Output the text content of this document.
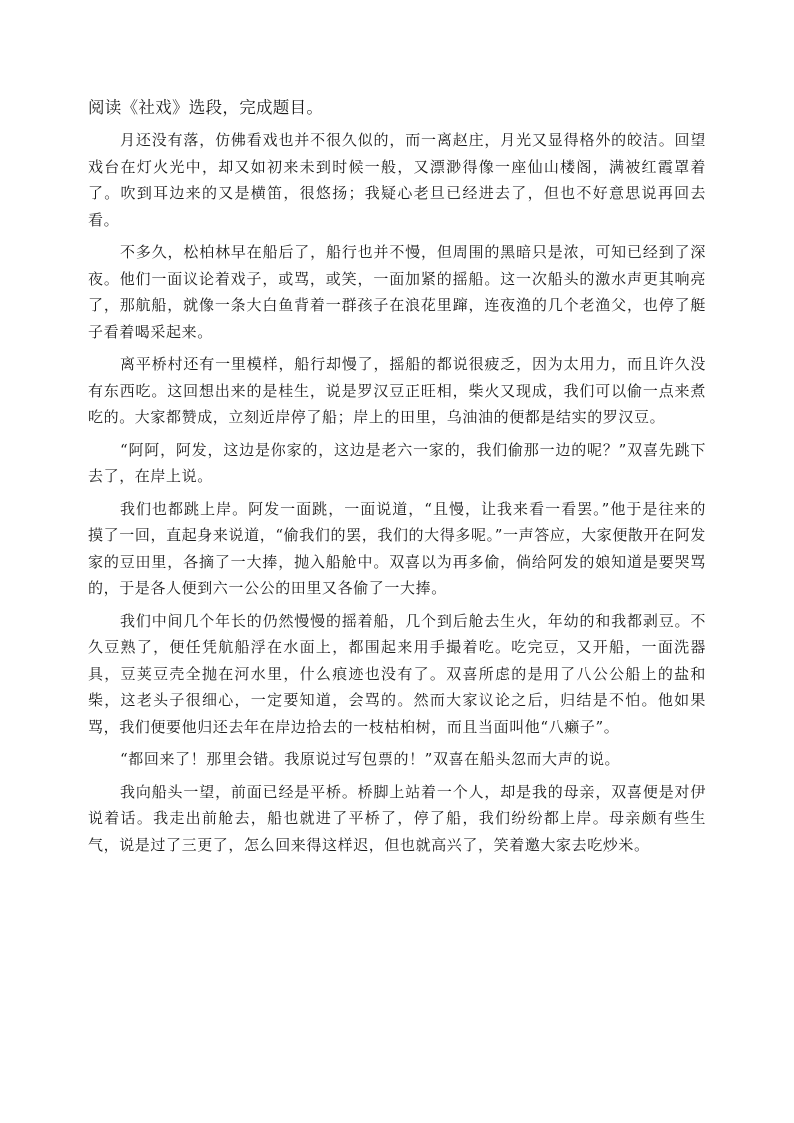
阅读《社戏》选段，完成题目。
月还没有落，仿佛看戏也并不很久似的，而一离赵庄，月光又显得格外的皎洁。回望戏台在灯火光中，却又如初来未到时候一般，又漂渺得像一座仙山楼阁，满被红霞罩着了。吹到耳边来的又是横笛，很悠扬；我疑心老旦已经进去了，但也不好意思说再回去看。
不多久，松柏林早在船后了，船行也并不慢，但周围的黑暗只是浓，可知已经到了深夜。他们一面议论着戏子，或骂，或笑，一面加紧的摇船。这一次船头的激水声更其响亮了，那航船，就像一条大白鱼背着一群孩子在浪花里蹿，连夜渔的几个老渔父，也停了艇子看着喝采起来。
离平桥村还有一里模样，船行却慢了，摇船的都说很疲乏，因为太用力，而且许久没有东西吃。这回想出来的是桂生，说是罗汉豆正旺相，柴火又现成，我们可以偷一点来煮吃的。大家都赞成，立刻近岸停了船；岸上的田里，乌油油的便都是结实的罗汉豆。
“阿阿，阿发，这边是你家的，这边是老六一家的，我们偷那一边的呢？”双喜先跳下去了，在岸上说。
我们也都跳上岸。阿发一面跳，一面说道，“且慢，让我来看一看罢。”他于是往来的摸了一回，直起身来说道，“偷我们的罢，我们的大得多呢。”一声答应，大家便散开在阿发家的豆田里，各摘了一大捧，抛入船舱中。双喜以为再多偷，倘给阿发的娘知道是要哭骂的，于是各人便到六一公公的田里又各偷了一大捧。
我们中间几个年长的仍然慢慢的摇着船，几个到后舱去生火，年幼的和我都剥豆。不久豆熟了，便任凭航船浮在水面上，都围起来用手撮着吃。吃完豆，又开船，一面洗器具，豆荚豆壳全抛在河水里，什么痕迹也没有了。双喜所虑的是用了八公公船上的盐和柴，这老头子很细心，一定要知道，会骂的。然而大家议论之后，归结是不怕。他如果骂，我们便要他归还去年在岸边拾去的一枝枯桕树，而且当面叫他“八癞子”。
“都回来了！那里会错。我原说过写包票的！”双喜在船头忽而大声的说。
我向船头一望，前面已经是平桥。桥脚上站着一个人，却是我的母亲，双喜便是对伊说着话。我走出前舱去，船也就进了平桥了，停了船，我们纷纷都上岸。母亲颇有些生气，说是过了三更了，怎么回来得这样迟，但也就高兴了，笑着邀大家去吃炒米。
